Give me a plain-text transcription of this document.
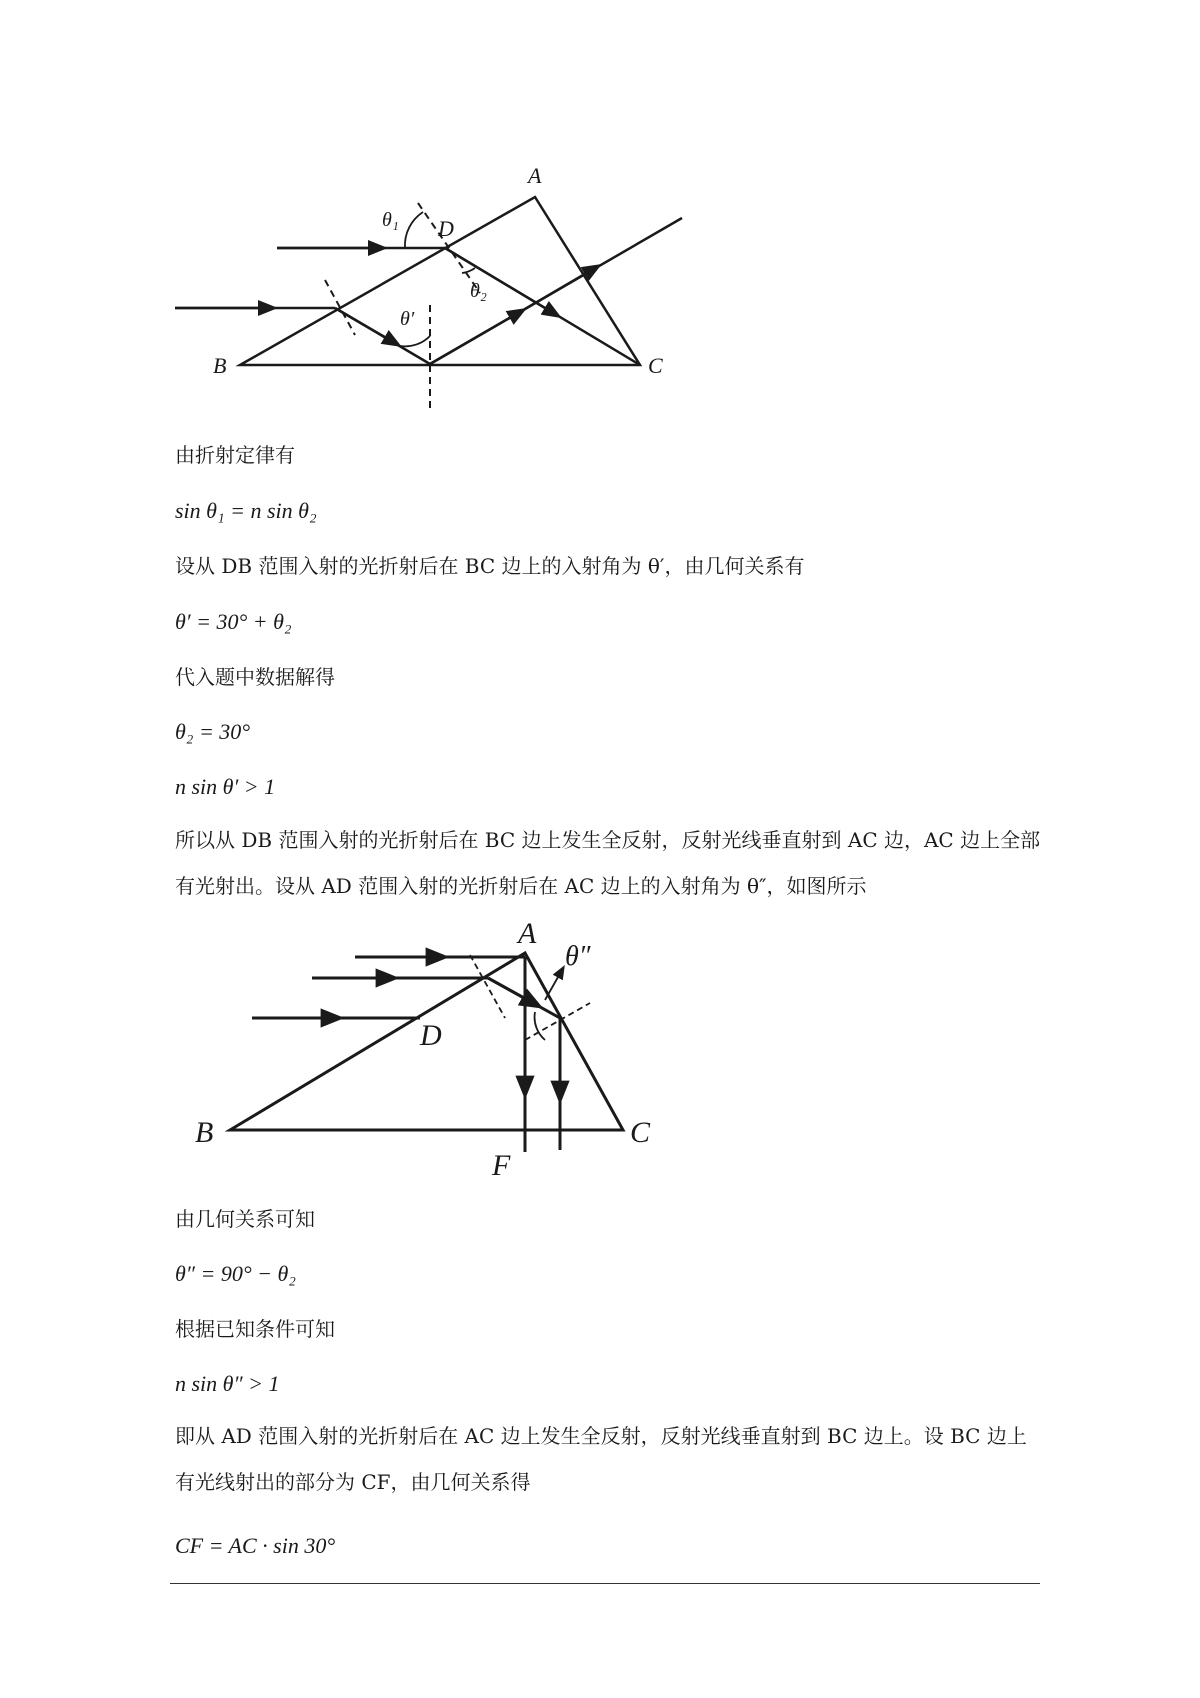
A
B	C
D
θ₁
θ₂
θ′
由折射定律有
sin θ₁ = n sin θ₂
设从 DB 范围入射的光折射后在 BC 边上的入射角为 θ′，由几何关系有
θ′ = 30° + θ₂
代入题中数据解得
θ₂ = 30°
n sin θ′ > 1
所以从 DB 范围入射的光折射后在 BC 边上发生全反射，反射光线垂直射到 AC 边，AC 边上全部有光射出。设从 AD 范围入射的光折射后在 AC 边上的入射角为 θ″，如图所示
A
B	C
D
F
θ″
由几何关系可知
θ″ = 90° − θ₂
根据已知条件可知
n sin θ″ > 1
即从 AD 范围入射的光折射后在 AC 边上发生全反射，反射光线垂直射到 BC 边上。设 BC 边上有光线射出的部分为 CF，由几何关系得
CF = AC · sin 30°
